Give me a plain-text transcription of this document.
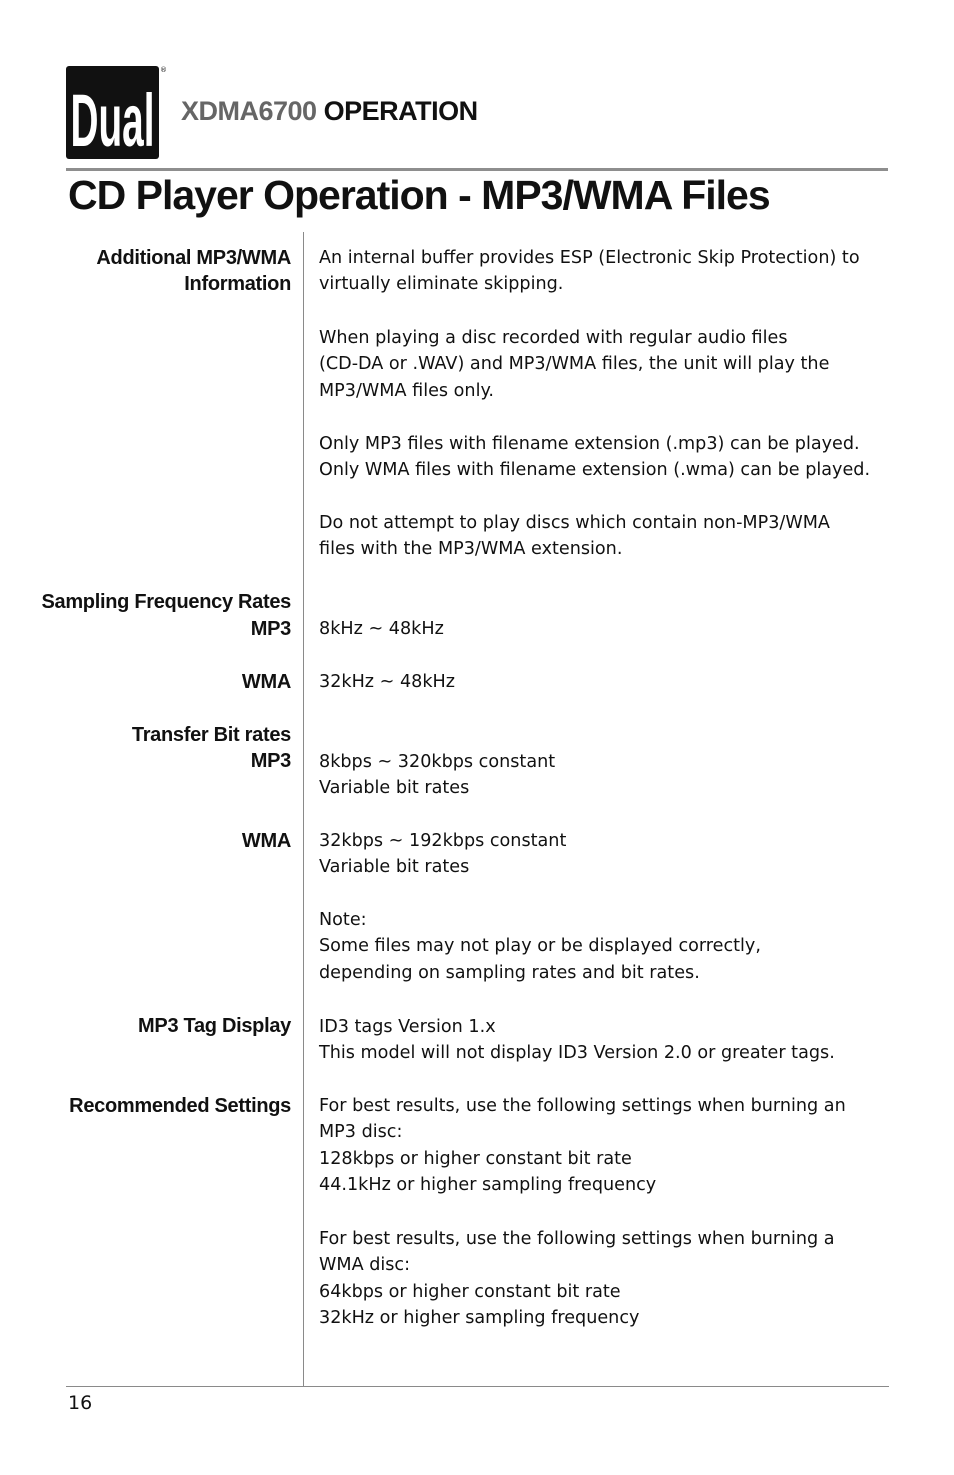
Dual
®
XDMA6700 OPERATION
CD Player Operation - MP3/WMA Files
Additional MP3/WMA
Information
Sampling Frequency Rates
MP3
WMA
Transfer Bit rates
MP3
WMA
MP3 Tag Display
Recommended Settings
An internal buffer provides ESP (Electronic Skip Protection) to
virtually eliminate skipping.
When playing a disc recorded with regular audio files
(CD-DA or .WAV) and MP3/WMA files, the unit will play the
MP3/WMA files only.
Only MP3 files with filename extension (.mp3) can be played.
Only WMA files with filename extension (.wma) can be played.
Do not attempt to play discs which contain non-MP3/WMA
files with the MP3/WMA extension.
8kHz ~ 48kHz
32kHz ~ 48kHz
8kbps ~ 320kbps constant
Variable bit rates
32kbps ~ 192kbps constant
Variable bit rates
Note:
Some files may not play or be displayed correctly,
depending on sampling rates and bit rates.
ID3 tags Version 1.x
This model will not display ID3 Version 2.0 or greater tags.
For best results, use the following settings when burning an
MP3 disc:
128kbps or higher constant bit rate
44.1kHz or higher sampling frequency
For best results, use the following settings when burning a
WMA disc:
64kbps or higher constant bit rate
32kHz or higher sampling frequency
16
